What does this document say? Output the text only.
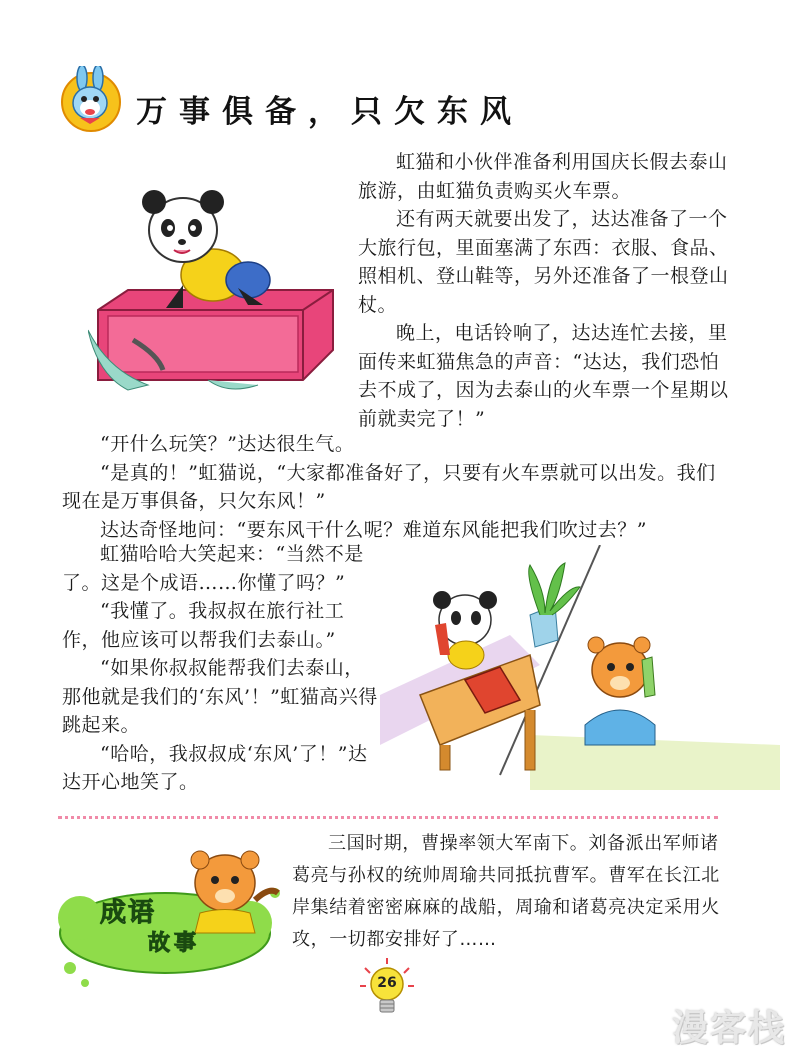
万事俱备，只欠东风

虹猫和小伙伴准备利用国庆长假去泰山旅游，由虹猫负责购买火车票。

还有两天就要出发了，达达准备了一个大旅行包，里面塞满了东西：衣服、食品、照相机、登山鞋等，另外还准备了一根登山杖。

晚上，电话铃响了，达达连忙去接，里面传来虹猫焦急的声音：“达达，我们恐怕去不成了，因为去泰山的火车票一个星期以前就卖完了！”

“开什么玩笑？”达达很生气。

“是真的！”虹猫说，“大家都准备好了，只要有火车票就可以出发。我们现在是万事俱备，只欠东风！”

达达奇怪地问：“要东风干什么呢？难道东风能把我们吹过去？”

虹猫哈哈大笑起来：“当然不是了。这是个成语……你懂了吗？”

“我懂了。我叔叔在旅行社工作，他应该可以帮我们去泰山。”

“如果你叔叔能帮我们去泰山，那他就是我们的‘东风’！”虹猫高兴得跳起来。

“哈哈，我叔叔成‘东风’了！”达达开心地笑了。

成语
故事

三国时期，曹操率领大军南下。刘备派出军师诸葛亮与孙权的统帅周瑜共同抵抗曹军。曹军在长江北岸集结着密密麻麻的战船，周瑜和诸葛亮决定采用火攻，一切都安排好了……

26
漫客栈
